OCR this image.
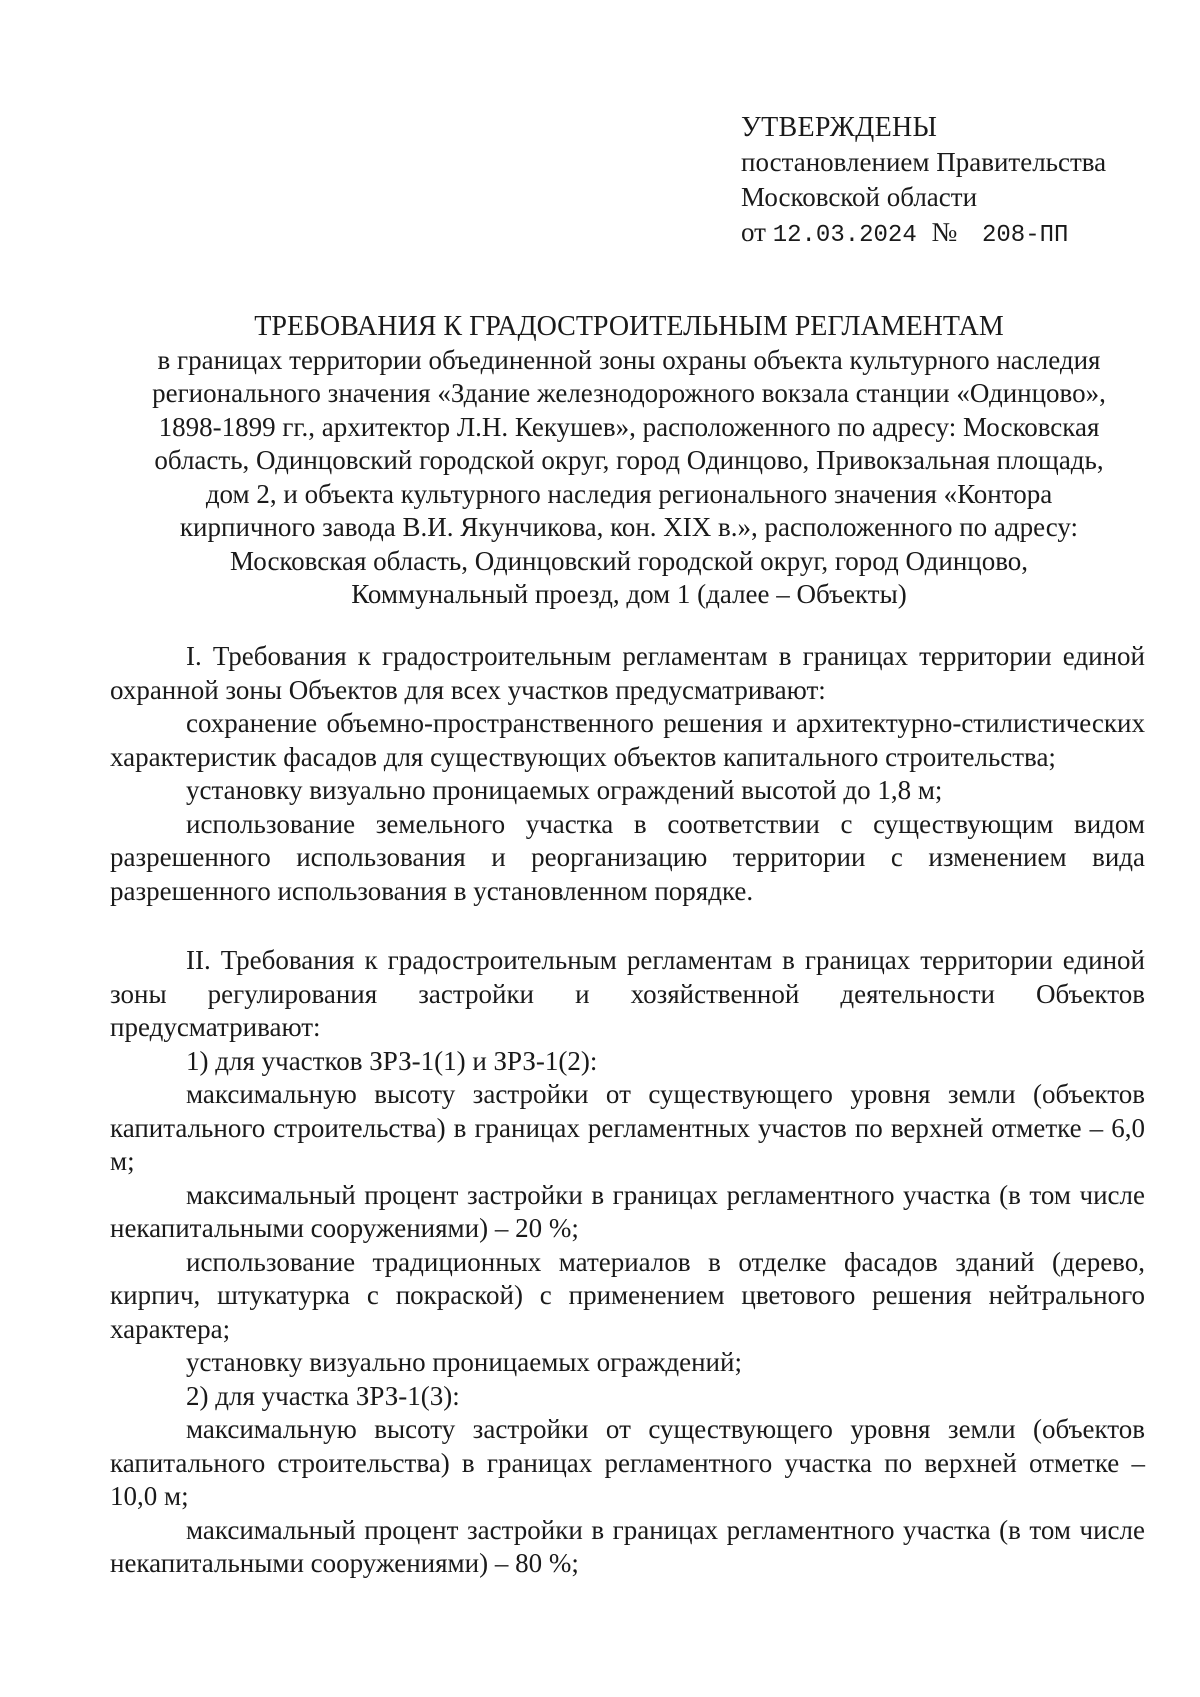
УТВЕРЖДЕНЫ
постановлением Правительства
Московской области
от 12.03.2024 № 208-ПП
ТРЕБОВАНИЯ К ГРАДОСТРОИТЕЛЬНЫМ РЕГЛАМЕНТАМ
в границах территории объединенной зоны охраны объекта культурного наследия
регионального значения «Здание железнодорожного вокзала станции «Одинцово»,
1898-1899 гг., архитектор Л.Н. Кекушев», расположенного по адресу: Московская
область, Одинцовский городской округ, город Одинцово, Привокзальная площадь,
дом 2, и объекта культурного наследия регионального значения «Контора
кирпичного завода В.И. Якунчикова, кон. XIX в.», расположенного по адресу:
Московская область, Одинцовский городской округ, город Одинцово,
Коммунальный проезд, дом 1 (далее – Объекты)

I. Требования к градостроительным регламентам в границах территории единой охранной зоны Объектов для всех участков предусматривают:

сохранение объемно-пространственного решения и архитектурно-стилистических характеристик фасадов для существующих объектов капитального строительства;

установку визуально проницаемых ограждений высотой до 1,8 м;

использование земельного участка в соответствии с существующим видом разрешенного использования и реорганизацию территории с изменением вида разрешенного использования в установленном порядке.

II. Требования к градостроительным регламентам в границах территории единой зоны регулирования застройки и хозяйственной деятельности Объектов предусматривают:

1) для участков ЗРЗ-1(1) и ЗРЗ-1(2):

максимальную высоту застройки от существующего уровня земли (объектов капитального строительства) в границах регламентных участов по верхней отметке – 6,0 м;

максимальный процент застройки в границах регламентного участка (в том числе некапитальными сооружениями) – 20 %;

использование традиционных материалов в отделке фасадов зданий (дерево, кирпич, штукатурка с покраской) с применением цветового решения нейтрального характера;

установку визуально проницаемых ограждений;

2) для участка ЗРЗ-1(3):

максимальную высоту застройки от существующего уровня земли (объектов капитального строительства) в границах регламентного участка по верхней отметке – 10,0 м;

максимальный процент застройки в границах регламентного участка (в том числе некапитальными сооружениями) – 80 %;
